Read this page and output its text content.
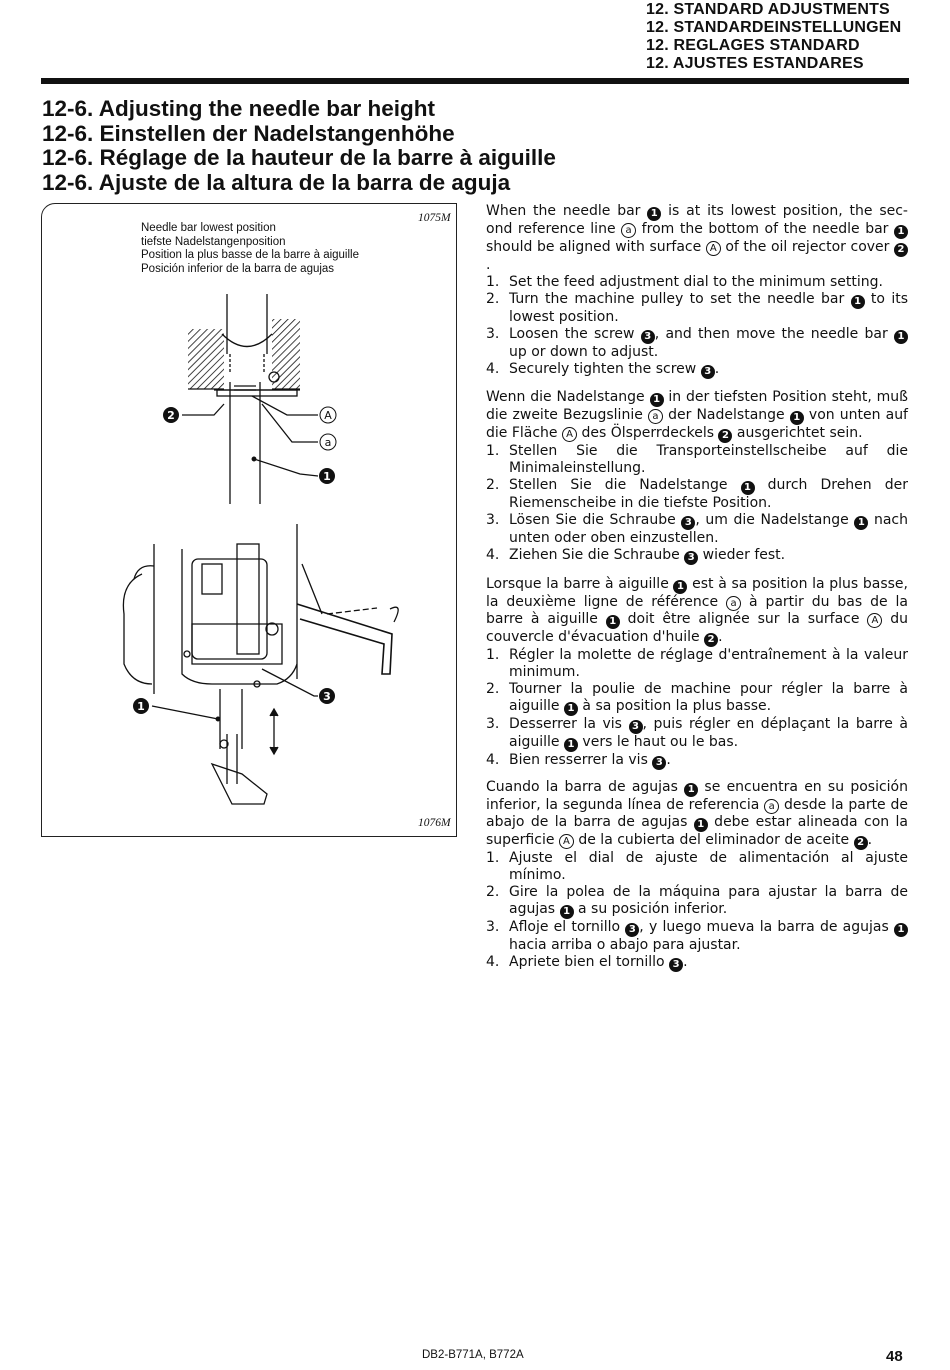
12. STANDARD ADJUSTMENTS
12. STANDARDEINSTELLUNGEN
12. REGLAGES STANDARD
12. AJUSTES ESTANDARES
12-6. Adjusting the needle bar height
12-6. Einstellen der Nadelstangenhöhe
12-6. Réglage de la hauteur de la barre à aiguille
12-6. Ajuste de la altura de la barra de aguja
2	A
a
1
1
3
Needle bar lowest position
tiefste Nadelstangenposition
Position la plus basse de la barre à aiguille
Posición inferior de la barra de agujas
1075M
1076M

When the needle bar 1 is at its lowest position, the sec-ond reference line a from the bottom of the needle bar 1 should be aligned with surface A of the oil rejector cover 2.

1. Set the feed adjustment dial to the minimum setting.
2. Turn the machine pulley to set the needle bar 1 to its lowest position.
3. Loosen the screw 3 , and then move the needle bar 1 up or down to adjust.
4. Securely tighten the screw 3 .

Wenn die Nadelstange 1 in der tiefsten Position steht, muß die zweite Bezugslinie a der Nadelstange 1 von unten auf die Fläche A des Ölsperrdeckels 2 ausgerichtet sein.

1. Stellen Sie die Transporteinstellscheibe auf die Minimaleinstellung.
2. Stellen Sie die Nadelstange 1 durch Drehen der Riemenscheibe in die tiefste Position.
3. Lösen Sie die Schraube 3 , um die Nadelstange 1 nach unten oder oben einzustellen.
4. Ziehen Sie die Schraube 3 wieder fest.

Lorsque la barre à aiguille 1 est à sa position la plus basse, la deuxième ligne de référence a à partir du bas de la barre à aiguille 1 doit être alignée sur la surface A du couvercle d'évacuation d'huile 2 .

1. Régler la molette de réglage d'entraînement à la valeur minimum.
2. Tourner la poulie de machine pour régler la barre à aiguille 1 à sa position la plus basse.
3. Desserrer la vis 3 , puis régler en déplaçant la barre à aiguille 1 vers le haut ou le bas.
4. Bien resserrer la vis 3 .

Cuando la barra de agujas 1 se encuentra en su posición inferior, la segunda línea de referencia a desde la parte de abajo de la barra de agujas 1 debe estar alineada con la superficie A de la cubierta del eliminador de aceite 2 .

1. Ajuste el dial de ajuste de alimentación al ajuste mínimo.
2. Gire la polea de la máquina para ajustar la barra de agujas 1 a su posición inferior.
3. Afloje el tornillo 3 , y luego mueva la barra de agujas 1 hacia arriba o abajo para ajustar.
4. Apriete bien el tornillo 3 .
DB2-B771A, B772A	48
